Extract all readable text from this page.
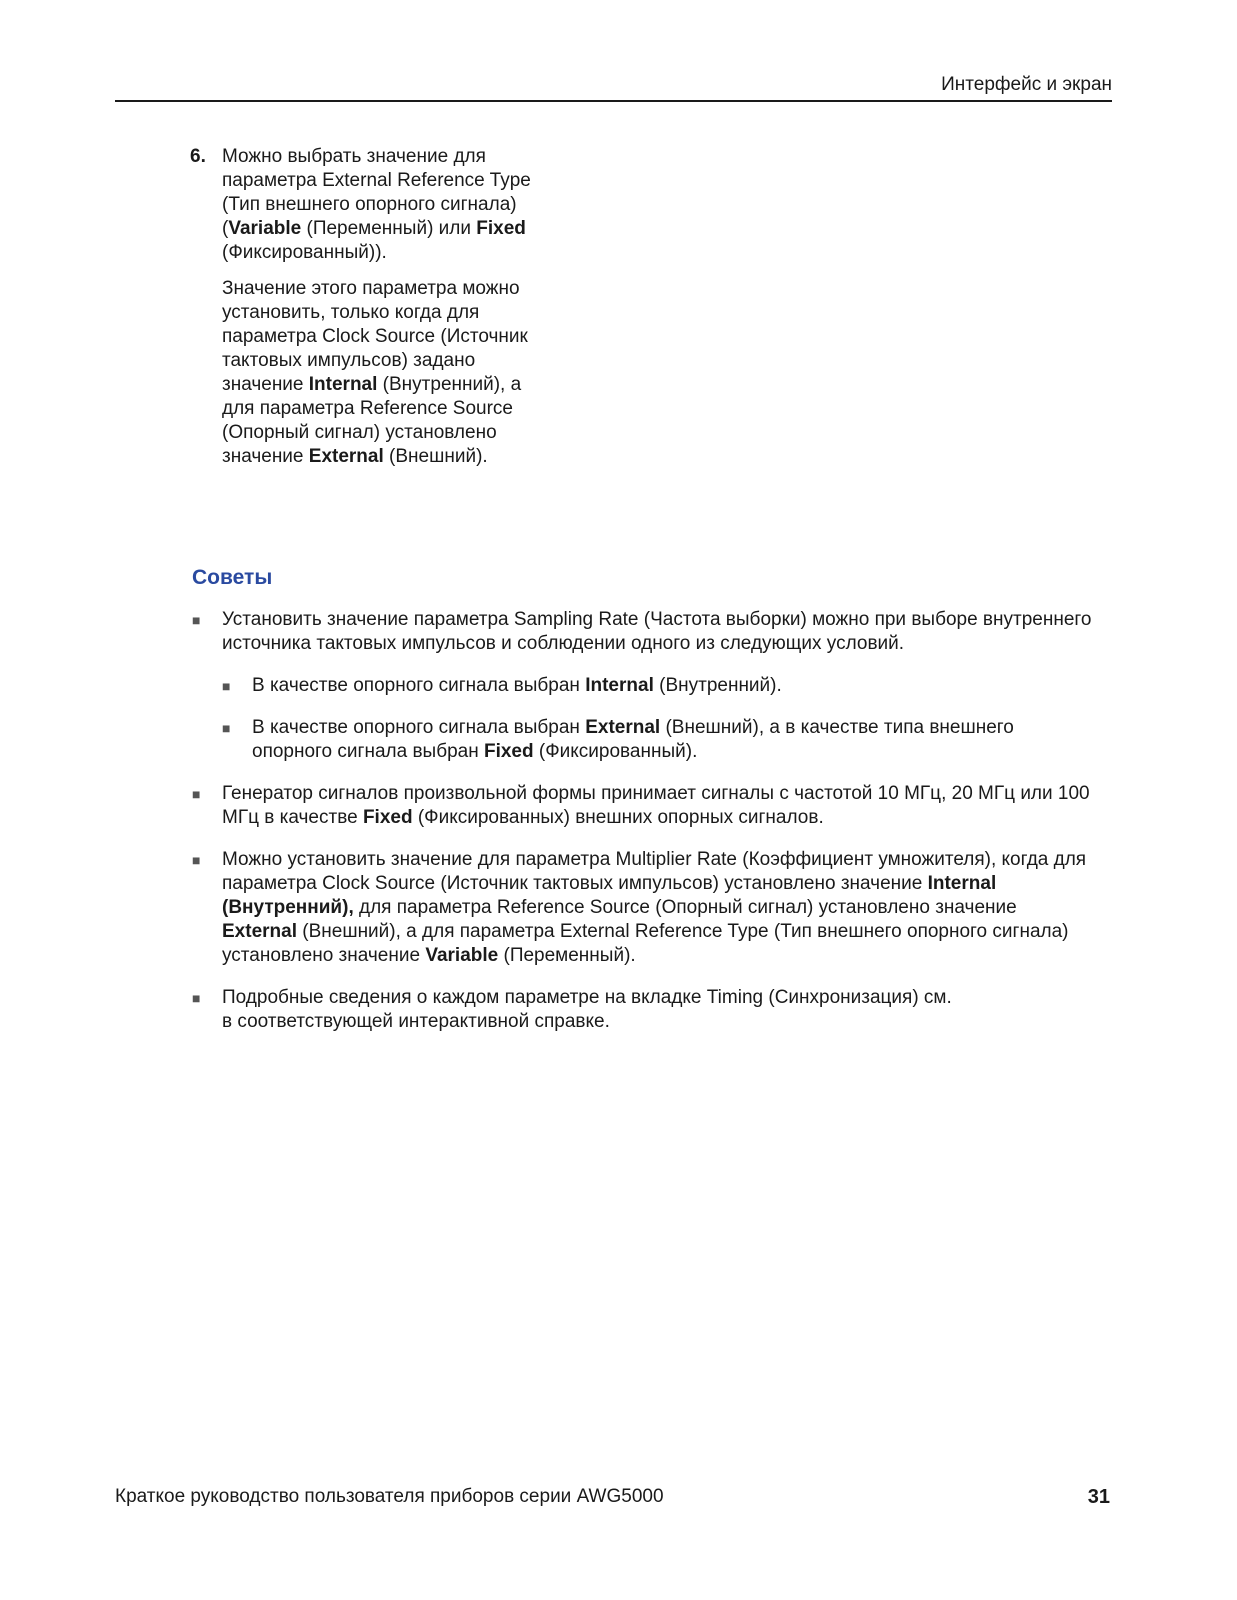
Интерфейс и экран
6. Можно выбрать значение для параметра External Reference Type (Тип внешнего опорного сигнала) (Variable (Переменный) или Fixed (Фиксированный)).

Значение этого параметра можно установить, только когда для параметра Clock Source (Источник тактовых импульсов) задано значение Internal (Внутренний), а для параметра Reference Source (Опорный сигнал) установлено значение External (Внешний).

Советы
■ Установить значение параметра Sampling Rate (Частота выборки) можно при выборе внутреннего источника тактовых импульсов и соблюдении одного из следующих условий.

■ В качестве опорного сигнала выбран Internal (Внутренний).

■ В качестве опорного сигнала выбран External (Внешний), а в качестве типа внешнего опорного сигнала выбран Fixed (Фиксированный).

■ Генератор сигналов произвольной формы принимает сигналы с частотой 10 МГц, 20 МГц или 100 МГц в качестве Fixed (Фиксированных) внешних опорных сигналов.

■ Можно установить значение для параметра Multiplier Rate (Коэффициент умножителя), когда для параметра Clock Source (Источник тактовых импульсов) установлено значение Internal (Внутренний), для параметра Reference Source (Опорный сигнал) установлено значение External (Внешний), а для параметра External Reference Type (Тип внешнего опорного сигнала) установлено значение Variable (Переменный).

■ Подробные сведения о каждом параметре на вкладке Timing (Синхронизация) см.
в соответствующей интерактивной справке.

Краткое руководство пользователя приборов серии AWG5000	31
